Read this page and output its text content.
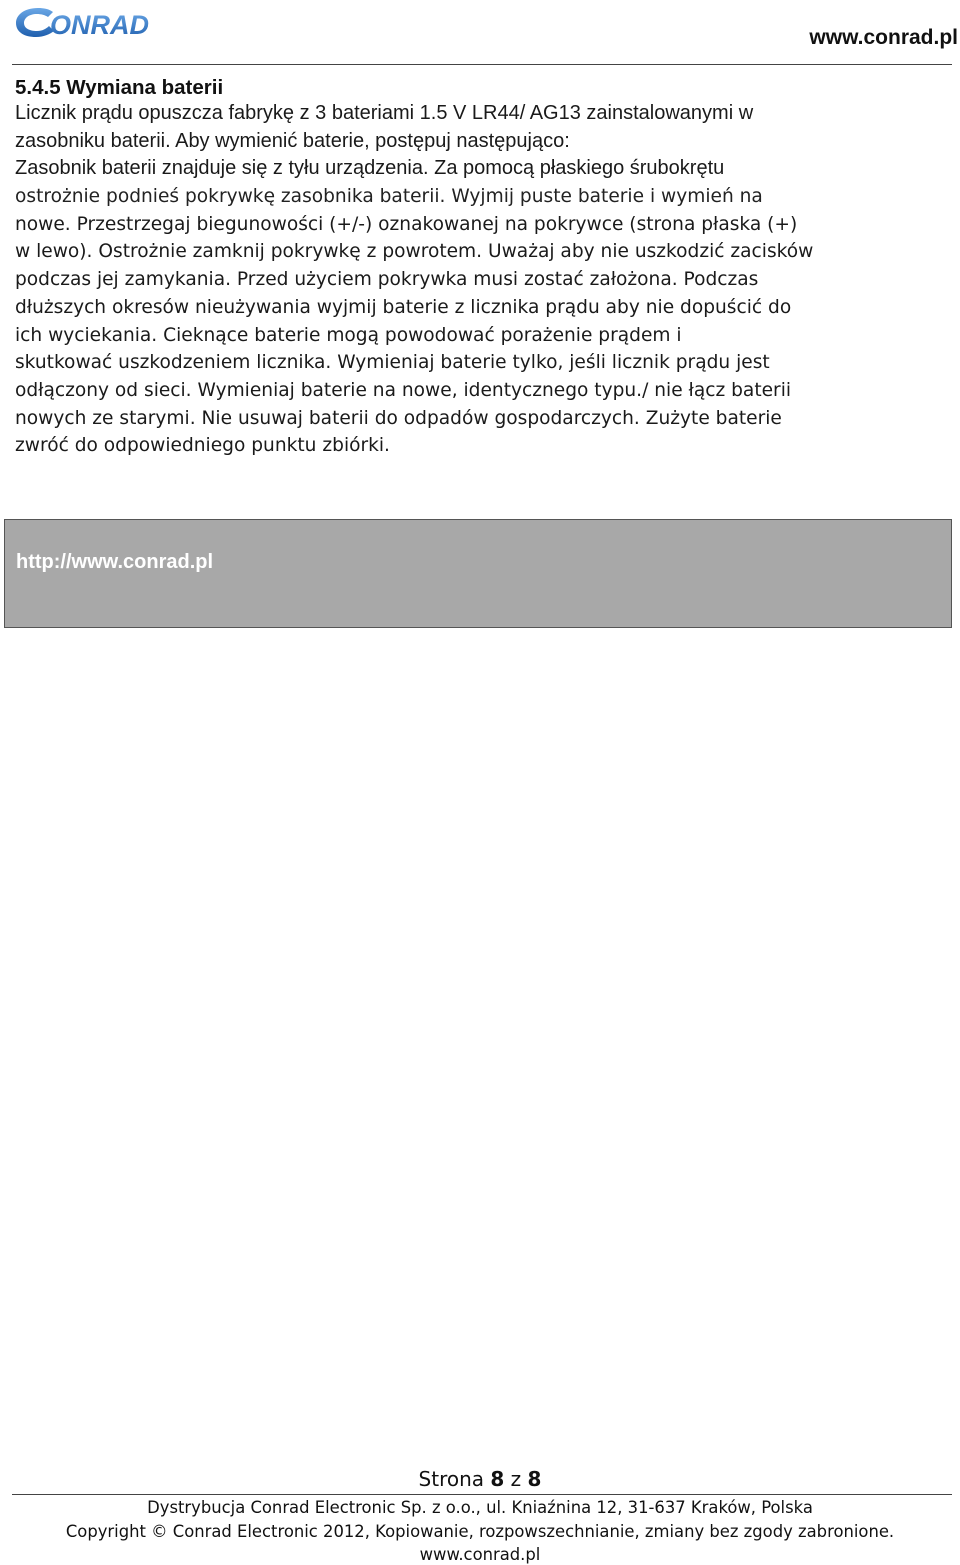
ONRAD	www.conrad.pl
5.4.5 Wymiana baterii
Licznik prądu opuszcza fabrykę z 3 bateriami 1.5 V LR44/ AG13 zainstalowanymi w
zasobniku baterii. Aby wymienić baterie, postępuj następująco:
Zasobnik baterii znajduje się z tyłu urządzenia. Za pomocą płaskiego śrubokrętu
ostrożnie podnieś pokrywkę zasobnika baterii. Wyjmij puste baterie i wymień na
nowe. Przestrzegaj biegunowości (+/-) oznakowanej na pokrywce (strona płaska (+)
w lewo). Ostrożnie zamknij pokrywkę z powrotem. Uważaj aby nie uszkodzić zacisków
podczas jej zamykania. Przed użyciem pokrywka musi zostać założona. Podczas
dłuższych okresów nieużywania wyjmij baterie z licznika prądu aby nie dopuścić do
ich wyciekania. Cieknące baterie mogą powodować porażenie prądem i
skutkować uszkodzeniem licznika. Wymieniaj baterie tylko, jeśli licznik prądu jest
odłączony od sieci. Wymieniaj baterie na nowe, identycznego typu./ nie łącz baterii
nowych ze starymi. Nie usuwaj baterii do odpadów gospodarczych. Zużyte baterie
zwróć do odpowiedniego punktu zbiórki.
http://www.conrad.pl
Strona 8 z 8
Dystrybucja Conrad Electronic Sp. z o.o., ul. Kniaźnina 12, 31-637 Kraków, Polska
Copyright © Conrad Electronic 2012, Kopiowanie, rozpowszechnianie, zmiany bez zgody zabronione.
www.conrad.pl
